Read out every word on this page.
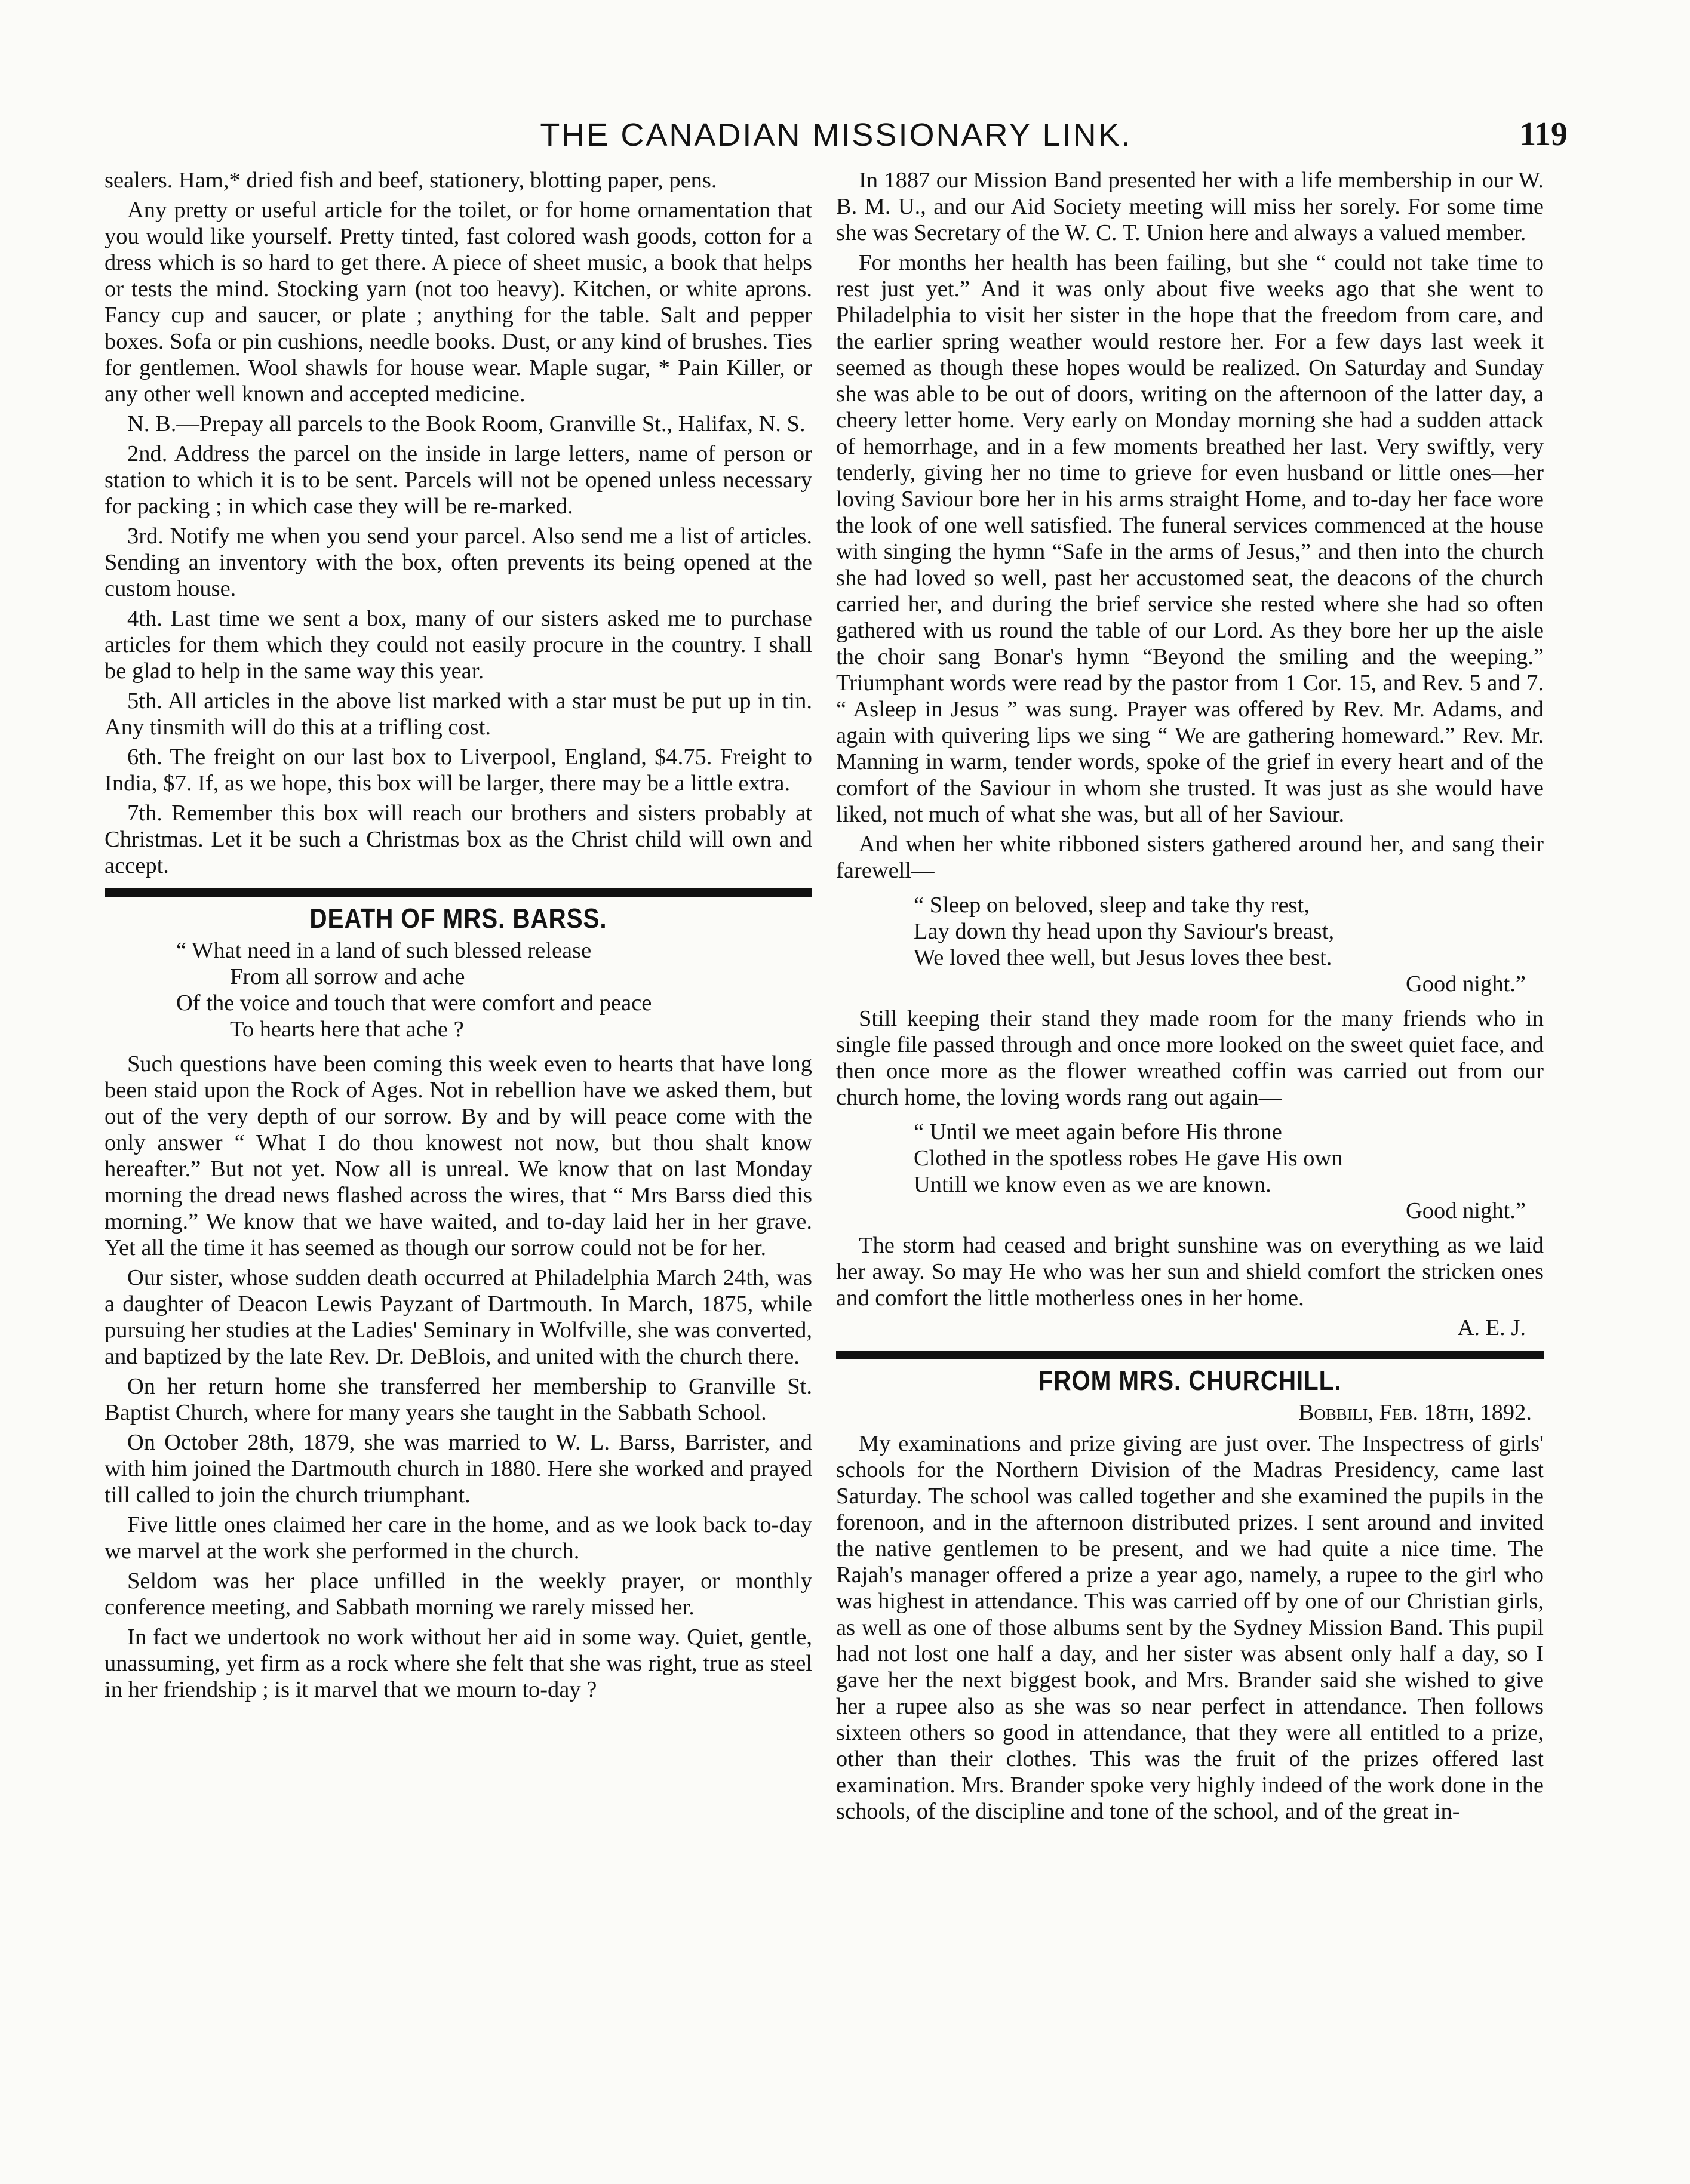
THE CANADIAN MISSIONARY LINK.	119

sealers. Ham,* dried fish and beef, stationery, blotting paper, pens.

Any pretty or useful article for the toilet, or for home ornamentation that you would like yourself. Pretty tinted, fast colored wash goods, cotton for a dress which is so hard to get there. A piece of sheet music, a book that helps or tests the mind. Stocking yarn (not too heavy). Kitchen, or white aprons. Fancy cup and saucer, or plate ; anything for the table. Salt and pepper boxes. Sofa or pin cushions, needle books. Dust, or any kind of brushes. Ties for gentlemen. Wool shawls for house wear. Maple sugar, * Pain Killer, or any other well known and accepted medicine.

N. B.—Prepay all parcels to the Book Room, Granville St., Halifax, N. S.

2nd. Address the parcel on the inside in large letters, name of person or station to which it is to be sent. Parcels will not be opened unless necessary for packing ; in which case they will be re-marked.

3rd. Notify me when you send your parcel. Also send me a list of articles. Sending an inventory with the box, often prevents its being opened at the custom house.

4th. Last time we sent a box, many of our sisters asked me to purchase articles for them which they could not easily procure in the country. I shall be glad to help in the same way this year.

5th. All articles in the above list marked with a star must be put up in tin. Any tinsmith will do this at a trifling cost.

6th. The freight on our last box to Liverpool, England, $4.75. Freight to India, $7. If, as we hope, this box will be larger, there may be a little extra.

7th. Remember this box will reach our brothers and sisters probably at Christmas. Let it be such a Christmas box as the Christ child will own and accept.

DEATH OF MRS. BARSS.
“ What need in a land of such blessed release
From all sorrow and ache
Of the voice and touch that were comfort and peace
To hearts here that ache ?

Such questions have been coming this week even to hearts that have long been staid upon the Rock of Ages. Not in rebellion have we asked them, but out of the very depth of our sorrow. By and by will peace come with the only answer “ What I do thou knowest not now, but thou shalt know hereafter.” But not yet. Now all is unreal. We know that on last Monday morning the dread news flashed across the wires, that “ Mrs Barss died this morning.” We know that we have waited, and to-day laid her in her grave. Yet all the time it has seemed as though our sorrow could not be for her.

Our sister, whose sudden death occurred at Philadelphia March 24th, was a daughter of Deacon Lewis Payzant of Dartmouth. In March, 1875, while pursuing her studies at the Ladies' Seminary in Wolfville, she was converted, and baptized by the late Rev. Dr. DeBlois, and united with the church there.

On her return home she transferred her membership to Granville St. Baptist Church, where for many years she taught in the Sabbath School.

On October 28th, 1879, she was married to W. L. Barss, Barrister, and with him joined the Dartmouth church in 1880. Here she worked and prayed till called to join the church triumphant.

Five little ones claimed her care in the home, and as we look back to-day we marvel at the work she performed in the church.

Seldom was her place unfilled in the weekly prayer, or monthly conference meeting, and Sabbath morning we rarely missed her.

In fact we undertook no work without her aid in some way. Quiet, gentle, unassuming, yet firm as a rock where she felt that she was right, true as steel in her friendship ; is it marvel that we mourn to-day ?

In 1887 our Mission Band presented her with a life membership in our W. B. M. U., and our Aid Society meeting will miss her sorely. For some time she was Secretary of the W. C. T. Union here and always a valued member.

For months her health has been failing, but she “ could not take time to rest just yet.” And it was only about five weeks ago that she went to Philadelphia to visit her sister in the hope that the freedom from care, and the earlier spring weather would restore her. For a few days last week it seemed as though these hopes would be realized. On Saturday and Sunday she was able to be out of doors, writing on the afternoon of the latter day, a cheery letter home. Very early on Monday morning she had a sudden attack of hemorrhage, and in a few moments breathed her last. Very swiftly, very tenderly, giving her no time to grieve for even husband or little ones—her loving Saviour bore her in his arms straight Home, and to-day her face wore the look of one well satisfied. The funeral services commenced at the house with singing the hymn “Safe in the arms of Jesus,” and then into the church she had loved so well, past her accustomed seat, the deacons of the church carried her, and during the brief service she rested where she had so often gathered with us round the table of our Lord. As they bore her up the aisle the choir sang Bonar's hymn “Beyond the smiling and the weeping.” Triumphant words were read by the pastor from 1 Cor. 15, and Rev. 5 and 7. “ Asleep in Jesus ” was sung. Prayer was offered by Rev. Mr. Adams, and again with quivering lips we sing “ We are gathering homeward.” Rev. Mr. Manning in warm, tender words, spoke of the grief in every heart and of the comfort of the Saviour in whom she trusted. It was just as she would have liked, not much of what she was, but all of her Saviour.

And when her white ribboned sisters gathered around her, and sang their farewell—

“ Sleep on beloved, sleep and take thy rest,
Lay down thy head upon thy Saviour's breast,
We loved thee well, but Jesus loves thee best.
Good night.”

Still keeping their stand they made room for the many friends who in single file passed through and once more looked on the sweet quiet face, and then once more as the flower wreathed coffin was carried out from our church home, the loving words rang out again—

“ Until we meet again before His throne
Clothed in the spotless robes He gave His own
Untill we know even as we are known.
Good night.”

The storm had ceased and bright sunshine was on everything as we laid her away. So may He who was her sun and shield comfort the stricken ones and comfort the little motherless ones in her home.

A. E. J.
FROM MRS. CHURCHILL.
Bobbili, Feb. 18th, 1892.

My examinations and prize giving are just over. The Inspectress of girls' schools for the Northern Division of the Madras Presidency, came last Saturday. The school was called together and she examined the pupils in the forenoon, and in the afternoon distributed prizes. I sent around and invited the native gentlemen to be present, and we had quite a nice time. The Rajah's manager offered a prize a year ago, namely, a rupee to the girl who was highest in attendance. This was carried off by one of our Christian girls, as well as one of those albums sent by the Sydney Mission Band. This pupil had not lost one half a day, and her sister was absent only half a day, so I gave her the next biggest book, and Mrs. Brander said she wished to give her a rupee also as she was so near perfect in attendance. Then follows sixteen others so good in attendance, that they were all entitled to a prize, other than their clothes. This was the fruit of the prizes offered last examination. Mrs. Brander spoke very highly indeed of the work done in the schools, of the discipline and tone of the school, and of the great in-
